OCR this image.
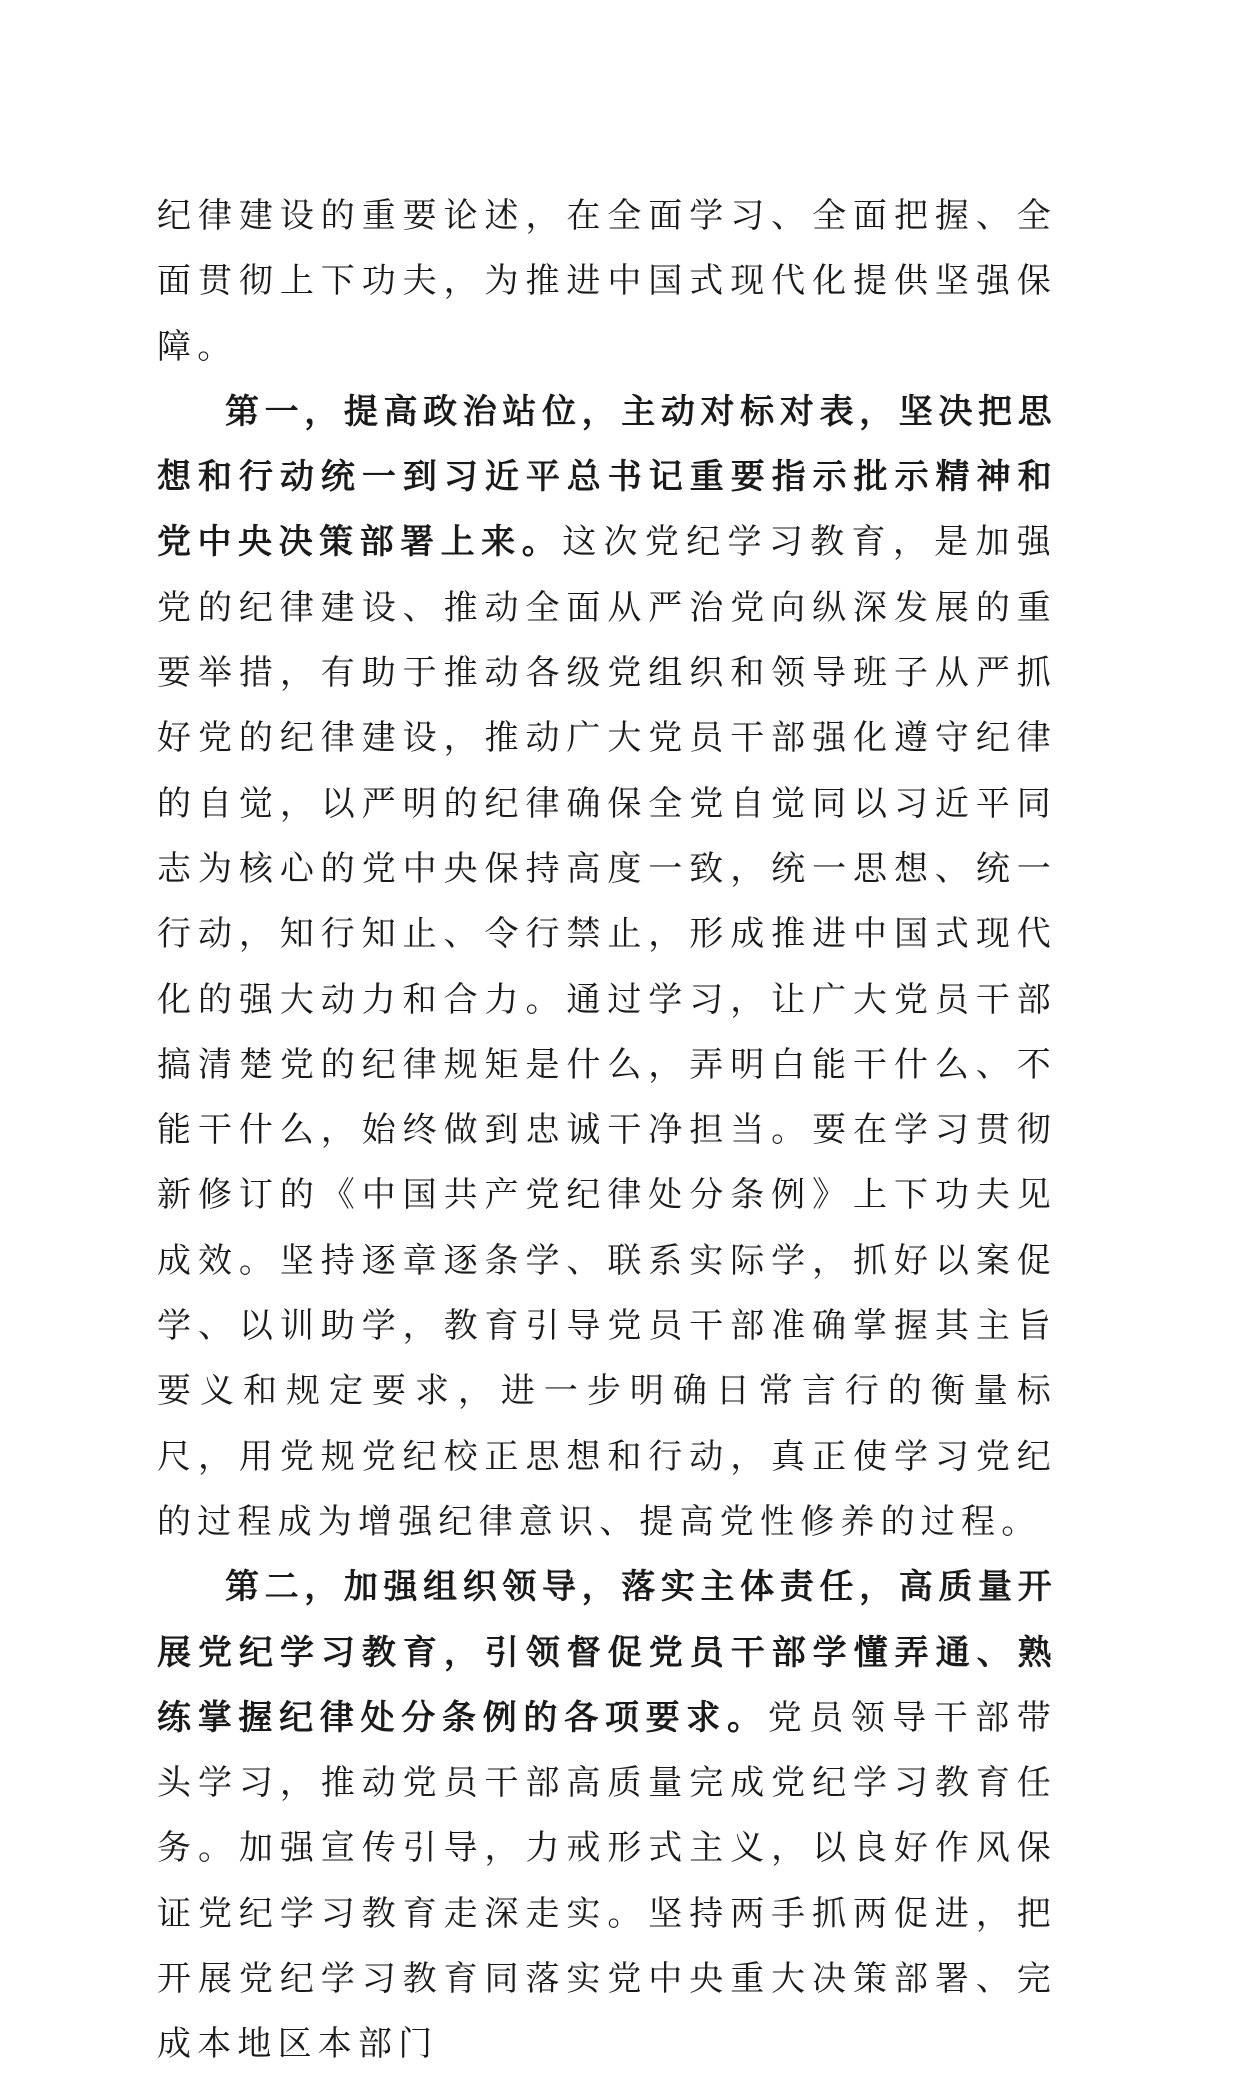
纪律建设的重要论述，在全面学习、全面把握、全面贯彻上下功夫，为推进中国式现代化提供坚强保障。

第一，提高政治站位，主动对标对表，坚决把思想和行动统一到习近平总书记重要指示批示精神和党中央决策部署上来。这次党纪学习教育，是加强党的纪律建设、推动全面从严治党向纵深发展的重要举措，有助于推动各级党组织和领导班子从严抓好党的纪律建设，推动广大党员干部强化遵守纪律的自觉，以严明的纪律确保全党自觉同以习近平同志为核心的党中央保持高度一致，统一思想、统一行动，知行知止、令行禁止，形成推进中国式现代化的强大动力和合力。通过学习，让广大党员干部搞清楚党的纪律规矩是什么，弄明白能干什么、不能干什么，始终做到忠诚干净担当。要在学习贯彻新修订的《中国共产党纪律处分条例》上下功夫见成效。坚持逐章逐条学、联系实际学，抓好以案促学、以训助学，教育引导党员干部准确掌握其主旨要义和规定要求，进一步明确日常言行的衡量标尺，用党规党纪校正思想和行动，真正使学习党纪的过程成为增强纪律意识、提高党性修养的过程。

第二，加强组织领导，落实主体责任，高质量开展党纪学习教育，引领督促党员干部学懂弄通、熟练掌握纪律处分条例的各项要求。党员领导干部带头学习，推动党员干部高质量完成党纪学习教育任务。加强宣传引导，力戒形式主义，以良好作风保证党纪学习教育走深走实。坚持两手抓两促进，把开展党纪学习教育同落实党中央重大决策部署、完成本地区本部门
